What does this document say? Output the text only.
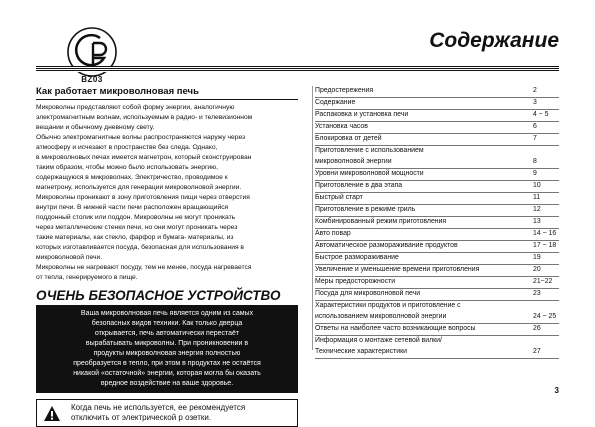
BZ03
Содержание
Как работает микроволновая печь

Микроволны представляют собой форму энергии, аналогичную

электромагнитным волнам, используемым в радио- и телевизионном

вещании и обычному дневному свету.

Обычно электромагнитные волны распространяются наружу через

атмосферу и исчезают в пространстве без следа. Однако,

в микроволновых печах имеется магнетрон, который сконструирован

таким образом, чтобы можно было использовать энергию,

содержащуюся в микроволнах. Электричество, проводимое к

магнетрону, используется для генерации микроволновой энергии.

Микроволны проникают в зону приготовления пищи через отверстия

внутри печи. В нижней части печи расположен вращающийся

поддонный столик или поддон. Микроволны не могут проникать

через металлические стенки печи, но они могут проникать через

такие материалы, как стекло, фарфор и бумага- материалы, из

которых изготавливается посуда, безопасная для использования в

микроволновой печи.

Микроволны не нагревают посуду, тем не менее, посуда нагревается

от тепла, генерируемого в пище.

ОЧЕНЬ БЕЗОПАСНОЕ УСТРОЙСТВО

Ваша микроволновая печь является одним из самых

безопасных видов техники. Как только дверца

открывается, печь автоматически перестаёт

вырабатывать микроволны. При проникновении в

продукты микроволновая энергия полностью

преобразуется в тепло, при этом в продуктах не остаётся

никакой «остаточной» энергии, которая могла бы оказать

вредное воздействие на ваше здоровье.

Когда печь не используется, ее рекомендуется
отключить от электрической р озетки.
Предостережения	2
Содержание	3
Распаковка и установка печи	4 ~ 5
Установка часов	6
Блокировка от детей	7
Приготовление с использованием
микроволновой энергии	8
Уровни микроволновой мощности	9
Приготовление в два этапа	10
Быстрый старт	11
Приготовление в режиме гриль	12
Комбинированный режим приготовления	13
Авто повар	14 ~ 16
Автоматическое размораживание продуктов	17 ~ 18
Быстрое размораживание	19
Увеличение и уменьшение времени приготовления	20
Меры предосторожности	21~22
Посуда для микроволновой печи	23
Характеристики продуктов и приготовление с
использованием микроволновой энергии	24 ~ 25
Ответы на наиболее часто возникающие вопросы	26
Информация о монтаже сетевой вилки/
Технические характеристики	27
3
